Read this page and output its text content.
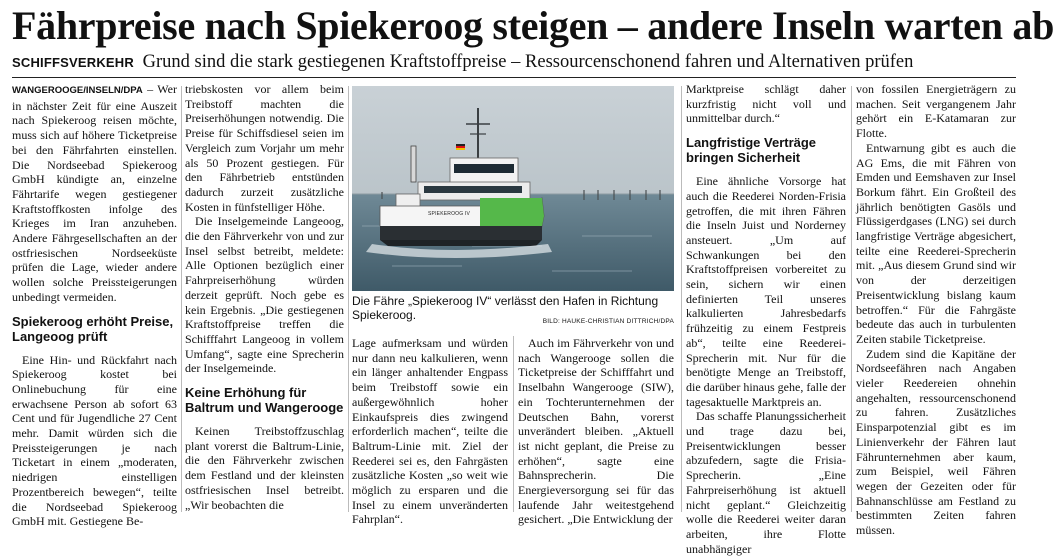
Fährpreise nach Spiekeroog steigen – andere Inseln warten ab
SCHIFFSVERKEHR Grund sind die stark gestiegenen Kraftstoffpreise – Ressourcenschonend fahren und Alternativen prüfen

WANGEROOGE/INSELN/DPA – Wer in nächster Zeit für eine Auszeit nach Spiekeroog reisen möchte, muss sich auf höhere Ticketpreise bei den Fährfahrten einstellen. Die Nordseebad Spiekeroog GmbH kündigte an, einzelne Fährtarife wegen gestiegener Kraftstoffkosten infolge des Krieges im Iran anzuheben. Andere Fährgesellschaften an der ostfriesischen Nordseeküste prüfen die Lage, wieder andere wollen solche Preissteigerungen unbedingt vermeiden.

Spiekeroog erhöht Preise, Langeoog prüft

Eine Hin- und Rückfahrt nach Spiekeroog kostet bei Onlinebuchung für eine erwachsene Person ab sofort 63 Cent und für Jugendliche 27 Cent mehr. Damit würden sich die Preissteigerungen je nach Ticketart in einem „moderaten, niedrigen einstelligen Prozentbereich bewegen“, teilte die Nordseebad Spiekeroog GmbH mit. Gestiegene Be-

triebskosten vor allem beim Treibstoff machten die Preiserhöhungen notwendig. Die Preise für Schiffsdiesel seien im Vergleich zum Vorjahr um mehr als 50 Prozent gestiegen. Für den Fährbetrieb entstünden dadurch zurzeit zusätzliche Kosten in fünfstelliger Höhe.

Die Inselgemeinde Langeoog, die den Fährverkehr von und zur Insel selbst betreibt, meldete: Alle Optionen bezüglich einer Fahrpreiserhöhung würden derzeit geprüft. Noch gebe es kein Ergebnis. „Die gestiegenen Kraftstoffpreise treffen die Schifffahrt Langeoog in vollem Umfang“, sagte eine Sprecherin der Inselgemeinde.

Keine Erhöhung für Baltrum und Wangerooge

Keinen Treibstoffzuschlag plant vorerst die Baltrum-Linie, die den Fährverkehr zwischen dem Festland und der kleinsten ostfriesischen Insel betreibt. „Wir beobachten die

SPIEKEROOG IV
Die Fähre „Spiekeroog IV“ verlässt den Hafen in Richtung Spiekeroog.	BILD: HAUKE-CHRISTIAN DITTRICH/DPA

Lage aufmerksam und würden nur dann neu kalkulieren, wenn ein länger anhaltender Engpass beim Treibstoff sowie ein außergewöhnlich hoher Einkaufspreis dies zwingend erforderlich machen“, teilte die Baltrum-Linie mit. Ziel der Reederei sei es, den Fahrgästen zusätzliche Kosten „so weit wie möglich zu ersparen und die Insel zu einem unveränderten Fahrplan“.

Auch im Fährverkehr von und nach Wangerooge sollen die Ticketpreise der Schifffahrt und Inselbahn Wangerooge (SIW), ein Tochterunternehmen der Deutschen Bahn, vorerst unverändert bleiben. „Aktuell ist nicht geplant, die Preise zu erhöhen“, sagte eine Bahnsprecherin. Die Energieversorgung sei für das laufende Jahr weitestgehend gesichert. „Die Entwicklung der

Marktpreise schlägt daher kurzfristig nicht voll und unmittelbar durch.“

Langfristige Verträge bringen Sicherheit

Eine ähnliche Vorsorge hat auch die Reederei Norden-Frisia getroffen, die mit ihren Fähren die Inseln Juist und Norderney ansteuert. „Um auf Schwankungen bei den Kraftstoffpreisen vorbereitet zu sein, sichern wir einen definierten Teil unseres kalkulierten Jahresbedarfs frühzeitig zu einem Festpreis ab“, teilte eine Reederei-Sprecherin mit. Nur für die benötigte Menge an Treibstoff, die darüber hinaus gehe, falle der tagesaktuelle Marktpreis an.

Das schaffe Planungssicherheit und trage dazu bei, Preisentwicklungen besser abzufedern, sagte die Frisia-Sprecherin. „Eine Fahrpreiserhöhung ist aktuell nicht geplant.“ Gleichzeitig wolle die Reederei weiter daran arbeiten, ihre Flotte unabhängiger

von fossilen Energieträgern zu machen. Seit vergangenem Jahr gehört ein E-Katamaran zur Flotte.

Entwarnung gibt es auch die AG Ems, die mit Fähren von Emden und Eemshaven zur Insel Borkum fährt. Ein Großteil des jährlich benötigten Gasöls und Flüssigerdgases (LNG) sei durch langfristige Verträge abgesichert, teilte eine Reederei-Sprecherin mit. „Aus diesem Grund sind wir von der derzeitigen Preisentwicklung bislang kaum betroffen.“ Für die Fahrgäste bedeute das auch in turbulenten Zeiten stabile Ticketpreise.

Zudem sind die Kapitäne der Nordseefähren nach Angaben vieler Reedereien ohnehin angehalten, ressourcenschonend zu fahren. Zusätzliches Einsparpotenzial gibt es im Linienverkehr der Fähren laut Fährunternehmen aber kaum, zum Beispiel, weil Fähren wegen der Gezeiten oder für Bahnanschlüsse am Festland zu bestimmten Zeiten fahren müssen.
